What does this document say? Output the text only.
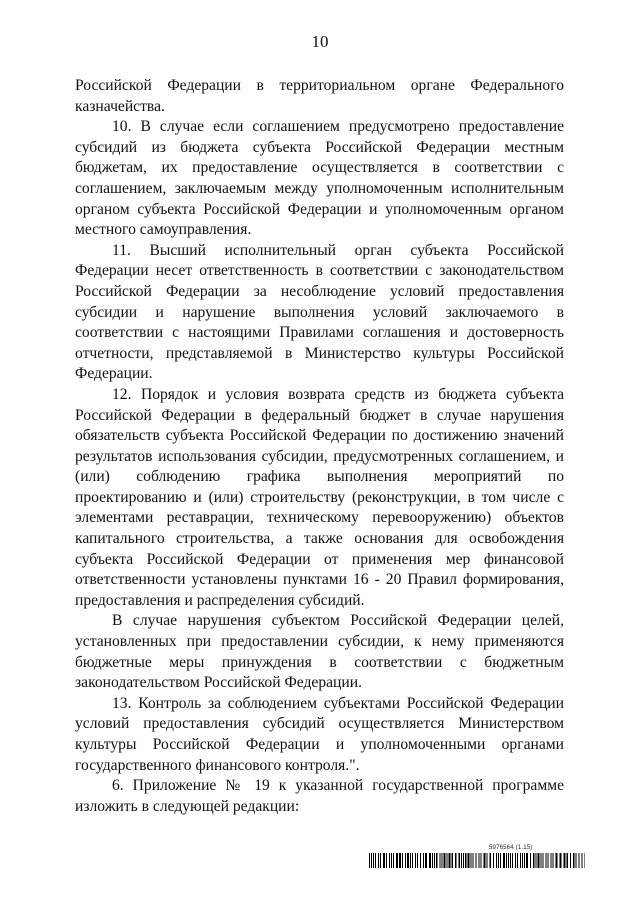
10

Российской Федерации в территориальном органе Федерального казначейства.

10. В случае если соглашением предусмотрено предоставление субсидий из бюджета субъекта Российской Федерации местным бюджетам, их предоставление осуществляется в соответствии с соглашением, заключаемым между уполномоченным исполнительным органом субъекта Российской Федерации и уполномоченным органом местного самоуправления.

11. Высший исполнительный орган субъекта Российской Федерации несет ответственность в соответствии с законодательством Российской Федерации за несоблюдение условий предоставления субсидии и нарушение выполнения условий заключаемого в соответствии с настоящими Правилами соглашения и достоверность отчетности, представляемой в Министерство культуры Российской Федерации.

12. Порядок и условия возврата средств из бюджета субъекта Российской Федерации в федеральный бюджет в случае нарушения обязательств субъекта Российской Федерации по достижению значений результатов использования субсидии, предусмотренных соглашением, и (или) соблюдению графика выполнения мероприятий по проектированию и (или) строительству (реконструкции, в том числе с элементами реставрации, техническому перевооружению) объектов капитального строительства, а также основания для освобождения субъекта Российской Федерации от применения мер финансовой ответственности установлены пунктами 16 - 20 Правил формирования, предоставления и распределения субсидий.

В случае нарушения субъектом Российской Федерации целей, установленных при предоставлении субсидии, к нему применяются бюджетные меры принуждения в соответствии с бюджетным законодательством Российской Федерации.

13. Контроль за соблюдением субъектами Российской Федерации условий предоставления субсидий осуществляется Министерством культуры Российской Федерации и уполномоченными органами государственного финансового контроля.".

6. Приложение № 19 к указанной государственной программе изложить в следующей редакции:

5976564 (1.15)
